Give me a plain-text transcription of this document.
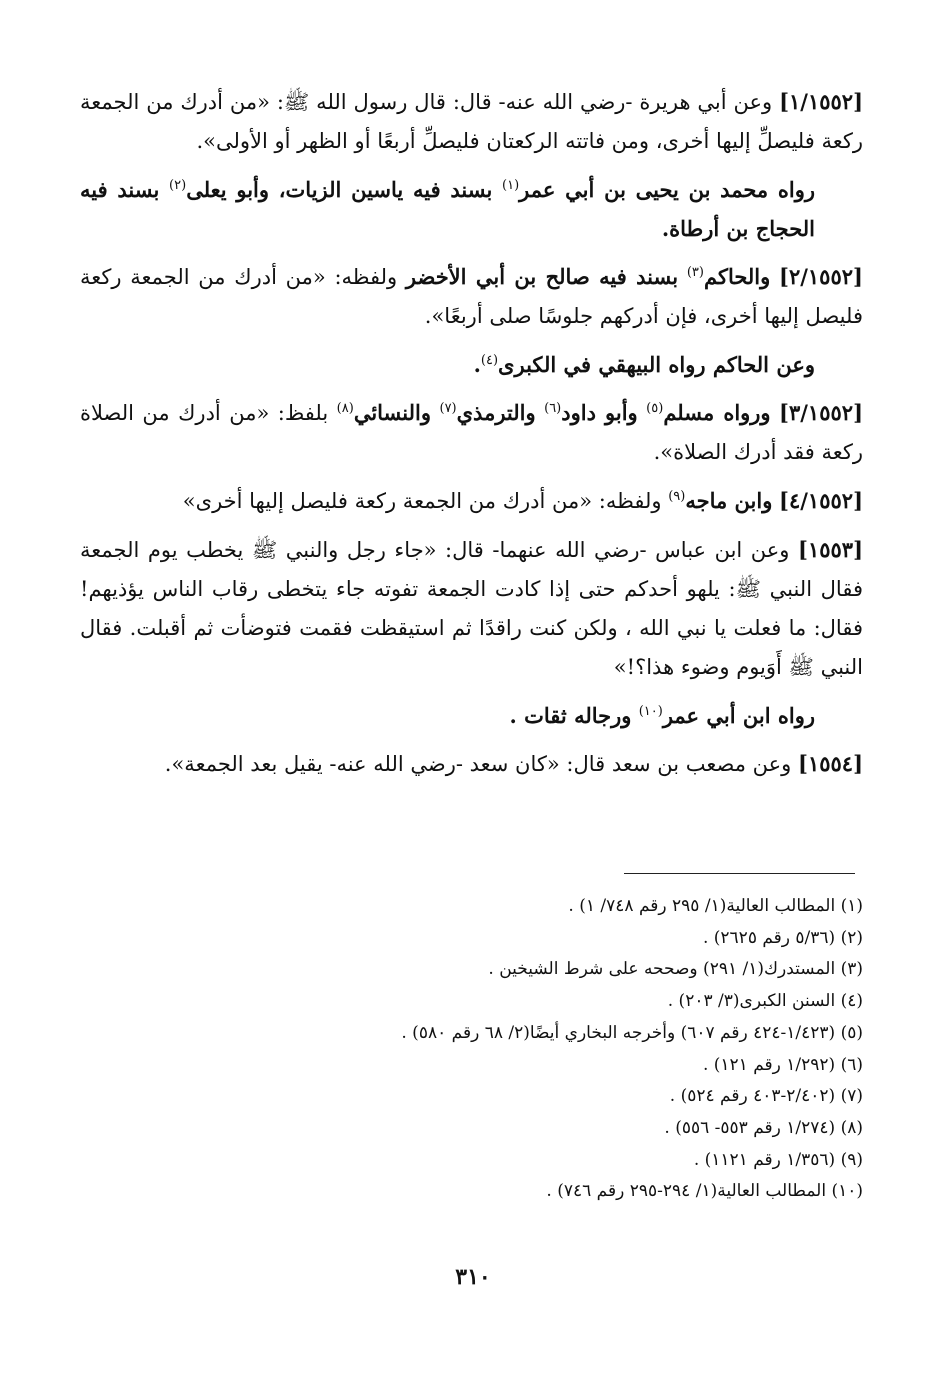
[١/١٥٥٢] وعن أبي هريرة -رضي الله عنه- قال: قال رسول الله ﷺ: «من أدرك من الجمعة ركعة فليصلِّ إليها أخرى، ومن فاتته الركعتان فليصلِّ أربعًا أو الظهر أو الأولى».

رواه محمد بن يحيى بن أبي عمر$^{(١)}$ بسند فيه ياسين الزيات، وأبو يعلى$^{(٢)}$ بسند فيه الحجاج بن أرطاة.

[٢/١٥٥٢] والحاكم$^{(٣)}$ بسند فيه صالح بن أبي الأخضر ولفظه: «من أدرك من الجمعة ركعة فليصل إليها أخرى، فإن أدركهم جلوسًا صلى أربعًا».

وعن الحاكم رواه البيهقي في الكبرى$^{(٤)}$.

[٣/١٥٥٢] ورواه مسلم$^{(٥)}$ وأبو داود$^{(٦)}$ والترمذي$^{(٧)}$ والنسائي$^{(٨)}$ بلفظ: «من أدرك من الصلاة ركعة فقد أدرك الصلاة».

[٤/١٥٥٢] وابن ماجه$^{(٩)}$ ولفظه: «من أدرك من الجمعة ركعة فليصل إليها أخرى»

[١٥٥٣] وعن ابن عباس -رضي الله عنهما- قال: «جاء رجل والنبي ﷺ يخطب يوم الجمعة فقال النبي ﷺ: يلهو أحدكم حتى إذا كادت الجمعة تفوته جاء يتخطى رقاب الناس يؤذيهم! فقال: ما فعلت يا نبي الله ، ولكن كنت راقدًا ثم استيقظت فقمت فتوضأت ثم أقبلت. فقال النبي ﷺ أَوَيوم وضوء هذا؟!»

رواه ابن أبي عمر$^{(١٠)}$ ورجاله ثقات .

[١٥٥٤] وعن مصعب بن سعد قال: «كان سعد -رضي الله عنه- يقيل بعد الجمعة».

(١) المطالب العالية(١/ ٢٩٥ رقم ٧٤٨/ ١) .
(٢) (٥/٣٦ رقم ٢٦٢٥) .
(٣) المستدرك(١/ ٢٩١) وصححه على شرط الشيخين .
(٤) السنن الكبرى(٣/ ٢٠٣) .
(٥) (١/٤٢٣-٤٢٤ رقم ٦٠٧) وأخرجه البخاري أيضًا(٢/ ٦٨ رقم ٥٨٠) .
(٦) (١/٢٩٢ رقم ١٢١) .
(٧) (٢/٤٠٢-٤٠٣ رقم ٥٢٤) .
(٨) (١/٢٧٤ رقم ٥٥٣- ٥٥٦) .
(٩) (١/٣٥٦ رقم ١١٢١) .
(١٠) المطالب العالية(١/ ٢٩٤-٢٩٥ رقم ٧٤٦) .
٣١٠
